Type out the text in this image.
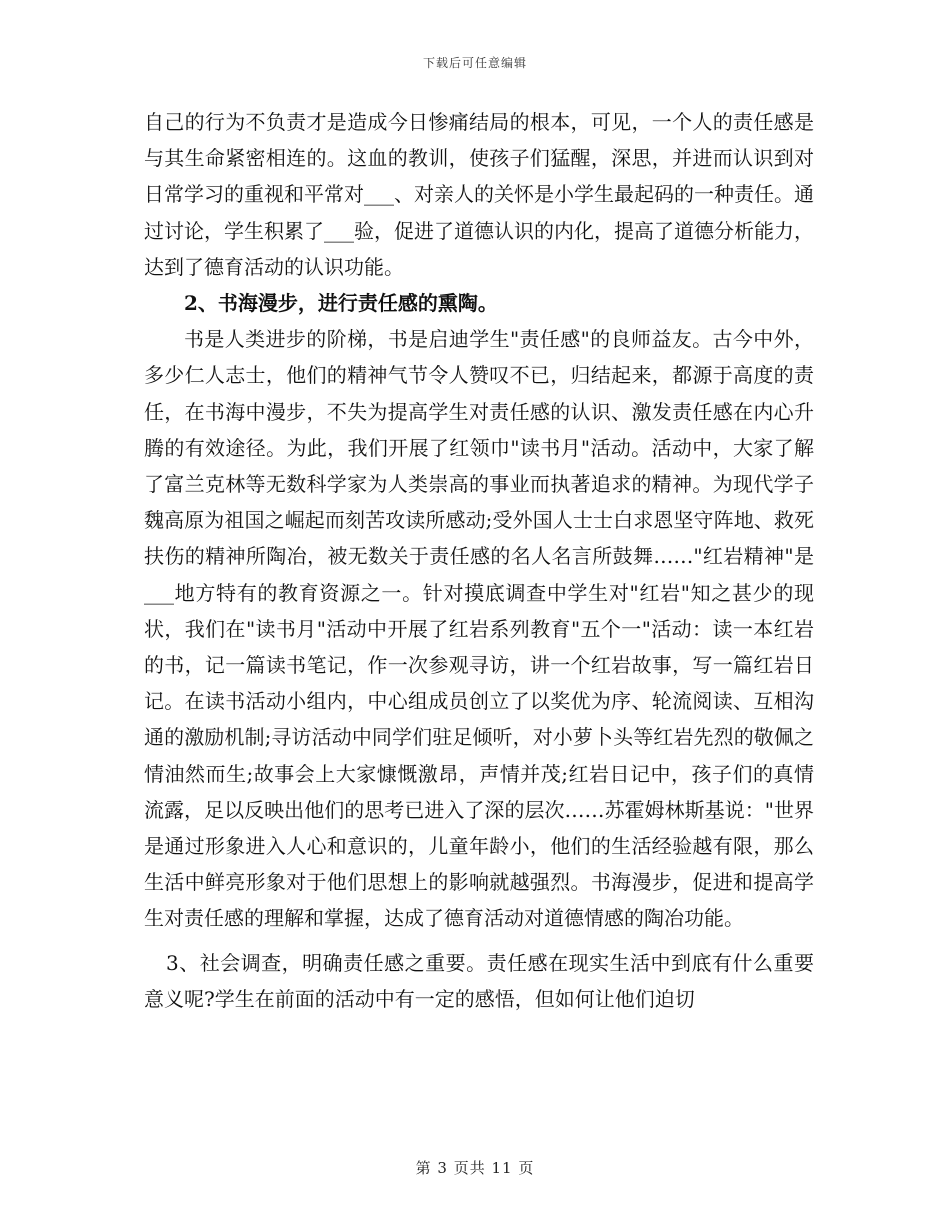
下载后可任意编辑

自己的行为不负责才是造成今日惨痛结局的根本，可见，一个人的责任感是与其生命紧密相连的。这血的教训，使孩子们猛醒，深思，并进而认识到对日常学习的重视和平常对___、对亲人的关怀是小学生最起码的一种责任。通过讨论，学生积累了___验，促进了道德认识的内化，提高了道德分析能力，达到了德育活动的认识功能。

2、书海漫步，进行责任感的熏陶。

书是人类进步的阶梯，书是启迪学生"责任感"的良师益友。古今中外，多少仁人志士，他们的精神气节令人赞叹不已，归结起来，都源于高度的责任，在书海中漫步，不失为提高学生对责任感的认识、激发责任感在内心升腾的有效途径。为此，我们开展了红领巾"读书月"活动。活动中，大家了解了富兰克林等无数科学家为人类崇高的事业而执著追求的精神。为现代学子魏高原为祖国之崛起而刻苦攻读所感动;受外国人士士白求恩坚守阵地、救死扶伤的精神所陶冶，被无数关于责任感的名人名言所鼓舞……"红岩精神"是___地方特有的教育资源之一。针对摸底调查中学生对"红岩"知之甚少的现状，我们在"读书月"活动中开展了红岩系列教育"五个一"活动：读一本红岩的书，记一篇读书笔记，作一次参观寻访，讲一个红岩故事，写一篇红岩日记。在读书活动小组内，中心组成员创立了以奖优为序、轮流阅读、互相沟通的激励机制;寻访活动中同学们驻足倾听，对小萝卜头等红岩先烈的敬佩之情油然而生;故事会上大家慷慨激昂，声情并茂;红岩日记中，孩子们的真情流露，足以反映出他们的思考已进入了深的层次……苏霍姆林斯基说："世界是通过形象进入人心和意识的，儿童年龄小，他们的生活经验越有限，那么生活中鲜亮形象对于他们思想上的影响就越强烈。书海漫步，促进和提高学生对责任感的理解和掌握，达成了德育活动对道德情感的陶冶功能。

3、社会调查，明确责任感之重要。责任感在现实生活中到底有什么重要意义呢?学生在前面的活动中有一定的感悟，但如何让他们迫切

第 3 页共 11 页
